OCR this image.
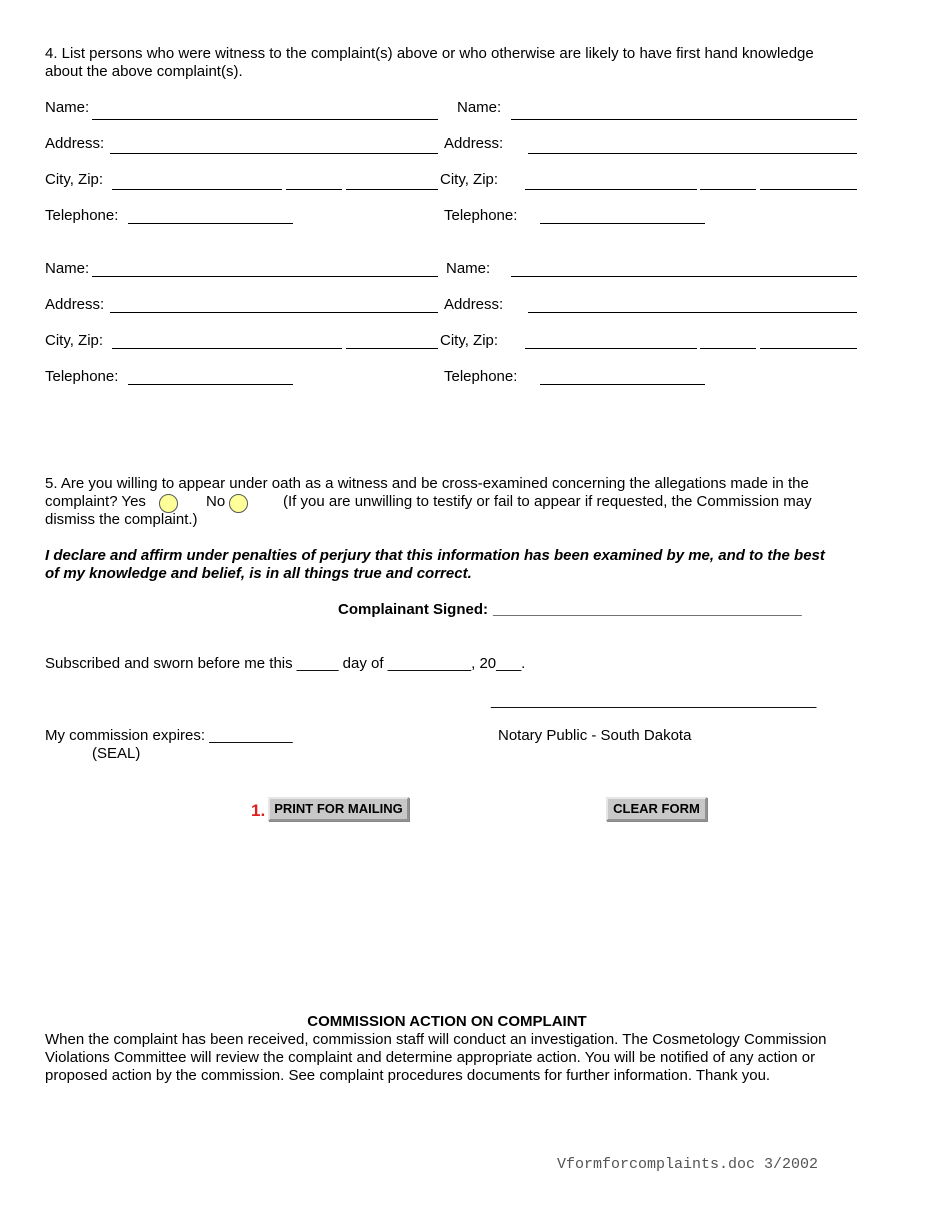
4. List persons who were witness to the complaint(s) above or who otherwise are likely to have first hand knowledge about the above complaint(s).
Name:
Address:
City, Zip:
Telephone:
Name:
Address:
City, Zip:
Telephone:
Name:
Address:
City, Zip:
Telephone:
Name:
Address:
City, Zip:
Telephone:
5. Are you willing to appear under oath as a witness and be cross-examined concerning the allegations made in the
complaint? Yes	No	(If you are unwilling to testify or fail to appear if requested, the Commission may
dismiss the complaint.)
I declare and affirm under penalties of perjury that this information has been examined by me, and to the best of my knowledge and belief, is in all things true and correct.
Complainant Signed: _____________________________________
Subscribed and sworn before me this _____ day of __________, 20___.
_______________________________________
My commission expires: __________
(SEAL)
Notary Public - South Dakota
1. PRINT FOR MAILING	CLEAR FORM
COMMISSION ACTION ON COMPLAINT
When the complaint has been received, commission staff will conduct an investigation. The Cosmetology Commission Violations Committee will review the complaint and determine appropriate action. You will be notified of any action or proposed action by the commission. See complaint procedures documents for further information. Thank you.
Vformforcomplaints.doc 3/2002
